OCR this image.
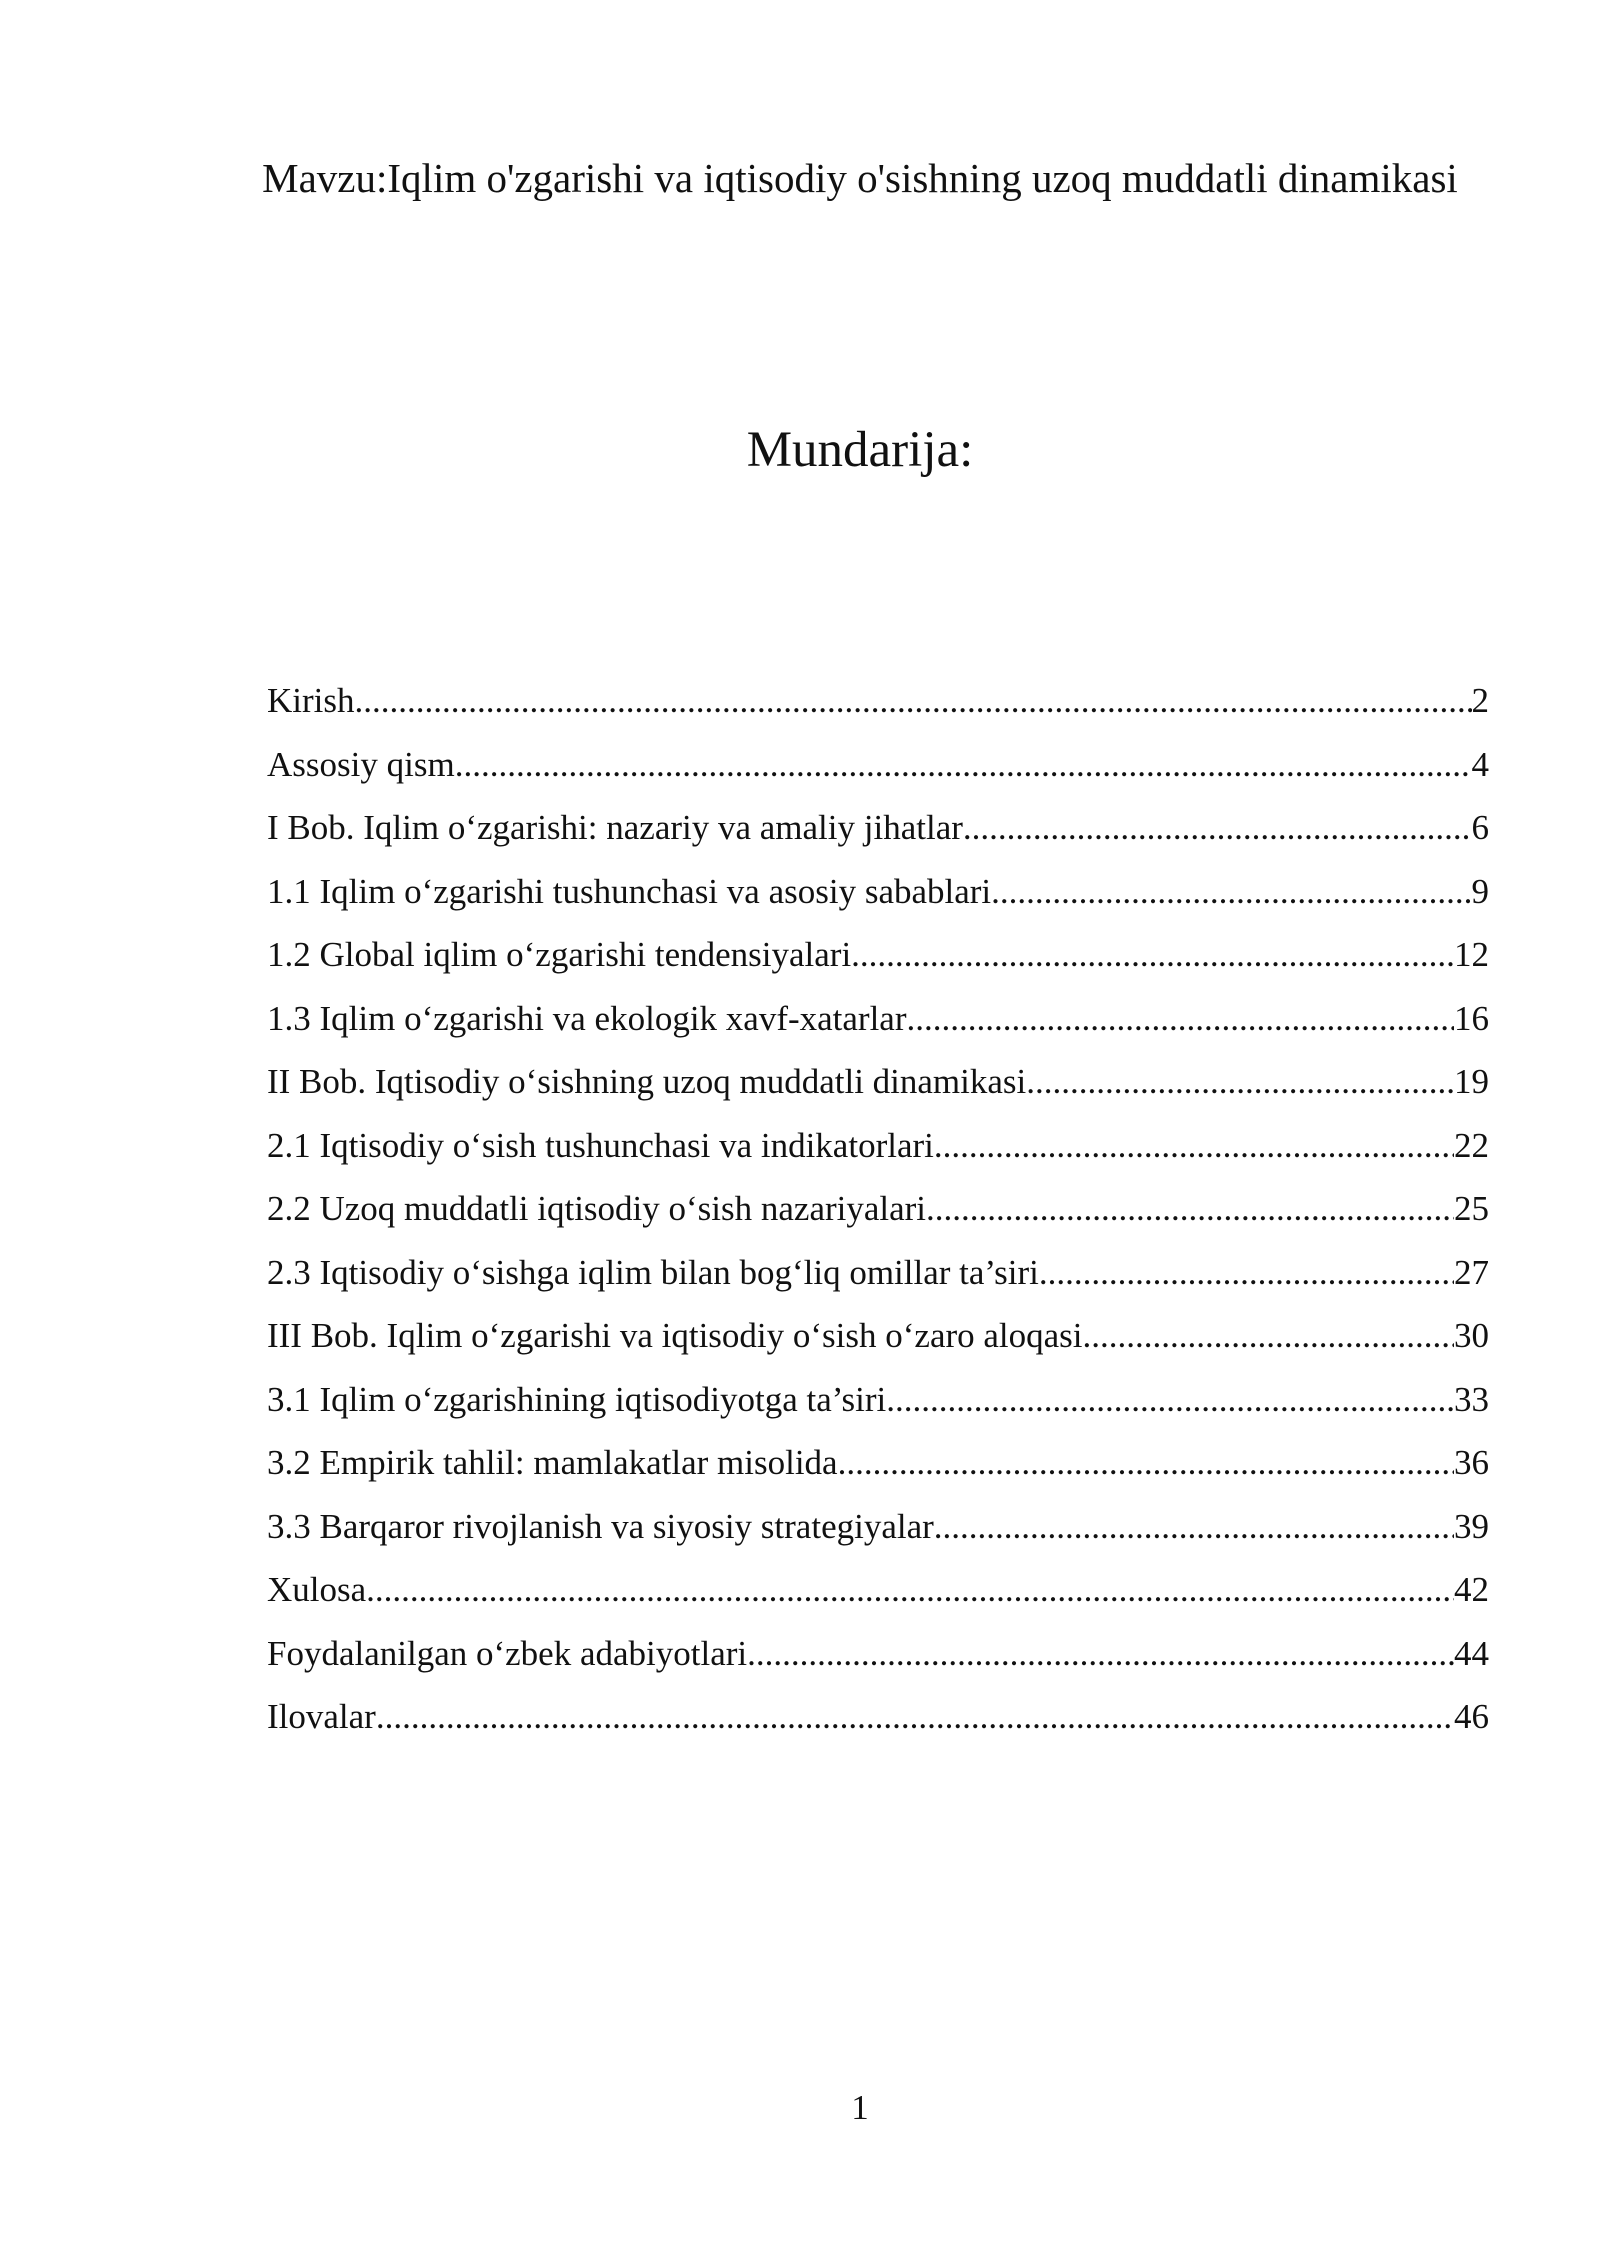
Mavzu:Iqlim o'zgarishi va iqtisodiy o'sishning uzoq muddatli dinamikasi
Mundarija:
Kirish .....	2
Assosiy qism .....	4
I Bob. Iqlim o‘zgarishi: nazariy va amaliy jihatlar .....	6
1.1 Iqlim o‘zgarishi tushunchasi va asosiy sabablari .....	9
1.2 Global iqlim o‘zgarishi tendensiyalari .....	12
1.3 Iqlim o‘zgarishi va ekologik xavf-xatarlar .....	16
II Bob. Iqtisodiy o‘sishning uzoq muddatli dinamikasi .....	19
2.1 Iqtisodiy o‘sish tushunchasi va indikatorlari .....	22
2.2 Uzoq muddatli iqtisodiy o‘sish nazariyalari .....	25
2.3 Iqtisodiy o‘sishga iqlim bilan bog‘liq omillar ta’siri .....	27
III Bob. Iqlim o‘zgarishi va iqtisodiy o‘sish o‘zaro aloqasi .....	30
3.1 Iqlim o‘zgarishining iqtisodiyotga ta’siri .....	33
3.2 Empirik tahlil: mamlakatlar misolida .....	36
3.3 Barqaror rivojlanish va siyosiy strategiyalar .....	39
Xulosa .....	42
Foydalanilgan o‘zbek adabiyotlari .....	44
Ilovalar .....	46
1
